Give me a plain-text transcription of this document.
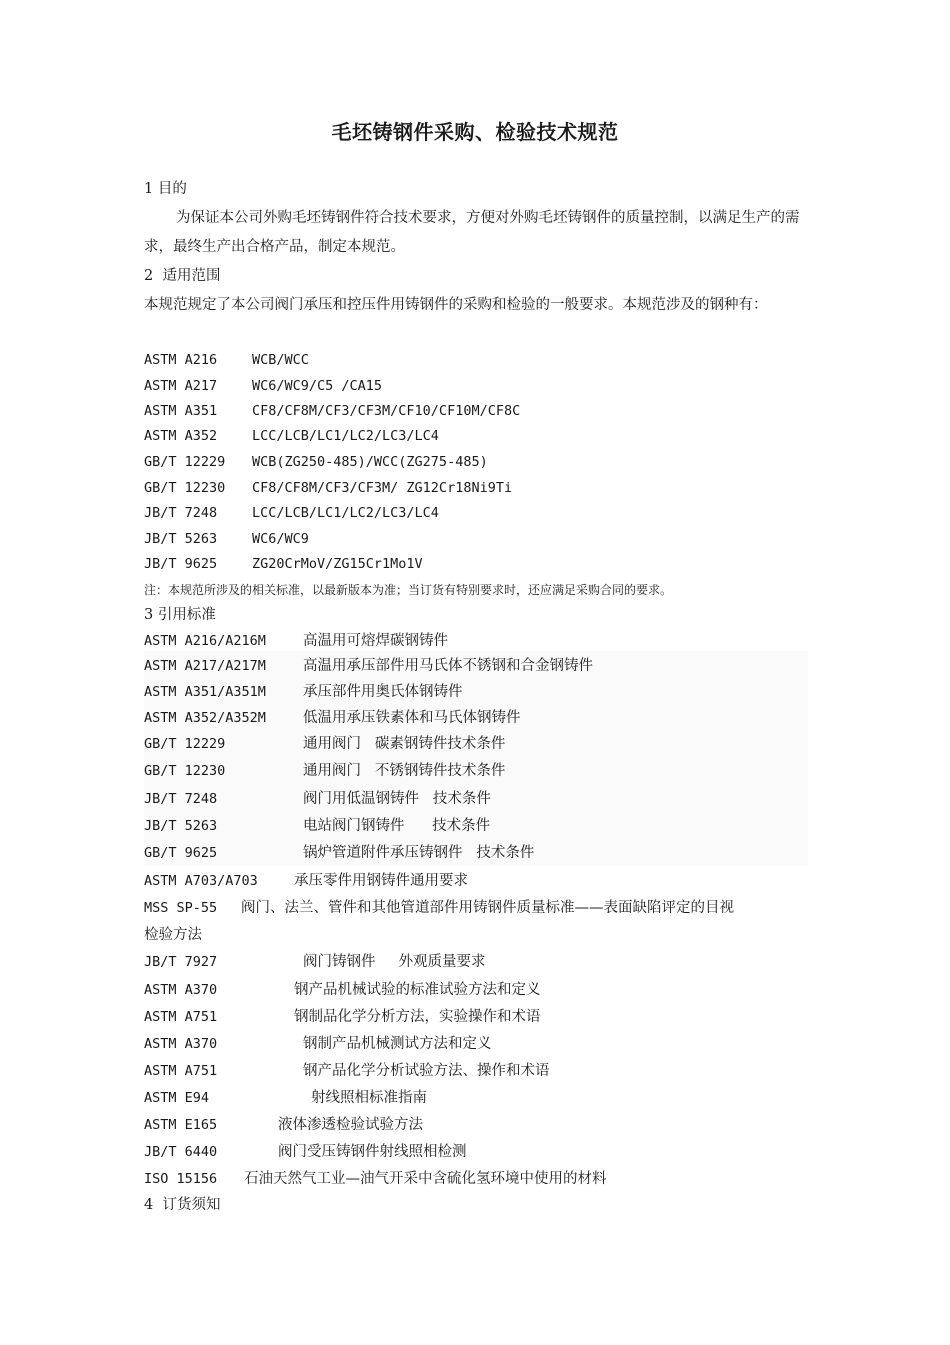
毛坯铸钢件采购、检验技术规范
1 目的
为保证本公司外购毛坯铸钢件符合技术要求，方便对外购毛坯铸钢件的质量控制，以满足生产的需求，最终生产出合格产品，制定本规范。
2  适用范围
本规范规定了本公司阀门承压和控压件用铸钢件的采购和检验的一般要求。本规范涉及的钢种有：
ASTM A216	WCB/WCC
ASTM A217	WC6/WC9/C5 /CA15
ASTM A351	CF8/CF8M/CF3/CF3M/CF10/CF10M/CF8C
ASTM A352	LCC/LCB/LC1/LC2/LC3/LC4
GB/T 12229 WCB(ZG250-485)/WCC(ZG275-485)
GB/T 12230 CF8/CF8M/CF3/CF3M/ ZG12Cr18Ni9Ti
JB/T 7248	LCC/LCB/LC1/LC2/LC3/LC4
JB/T 5263	WC6/WC9
JB/T 9625	ZG20CrMoV/ZG15Cr1Mo1V
注：本规范所涉及的相关标准，以最新版本为准；当订货有特别要求时，还应满足采购合同的要求。
3 引用标准
ASTM A216/A216M	高温用可熔焊碳钢铸件
ASTM A217/A217M	高温用承压部件用马氏体不锈钢和合金钢铸件
ASTM A351/A351M	承压部件用奥氏体钢铸件
ASTM A352/A352M	低温用承压铁素体和马氏体钢铸件
GB/T 12229	通用阀门   碳素钢铸件技术条件
GB/T 12230	通用阀门   不锈钢铸件技术条件
JB/T 7248	阀门用低温钢铸件   技术条件
JB/T 5263	电站阀门钢铸件      技术条件
GB/T 9625	锅炉管道附件承压铸钢件   技术条件
ASTM A703/A703 承压零件用钢铸件通用要求
MSS SP-55 阀门、法兰、管件和其他管道部件用铸钢件质量标准——表面缺陷评定的目视
检验方法
JB/T 7927	阀门铸钢件     外观质量要求
ASTM A370	钢产品机械试验的标准试验方法和定义
ASTM A751	钢制品化学分析方法，实验操作和术语
ASTM A370	钢制产品机械测试方法和定义
ASTM A751	钢产品化学分析试验方法、操作和术语
ASTM E94	射线照相标准指南
ASTM E165	液体渗透检验试验方法
JB/T 6440	阀门受压铸钢件射线照相检测
ISO 15156 石油天然气工业—油气开采中含硫化氢环境中使用的材料
4  订货须知
